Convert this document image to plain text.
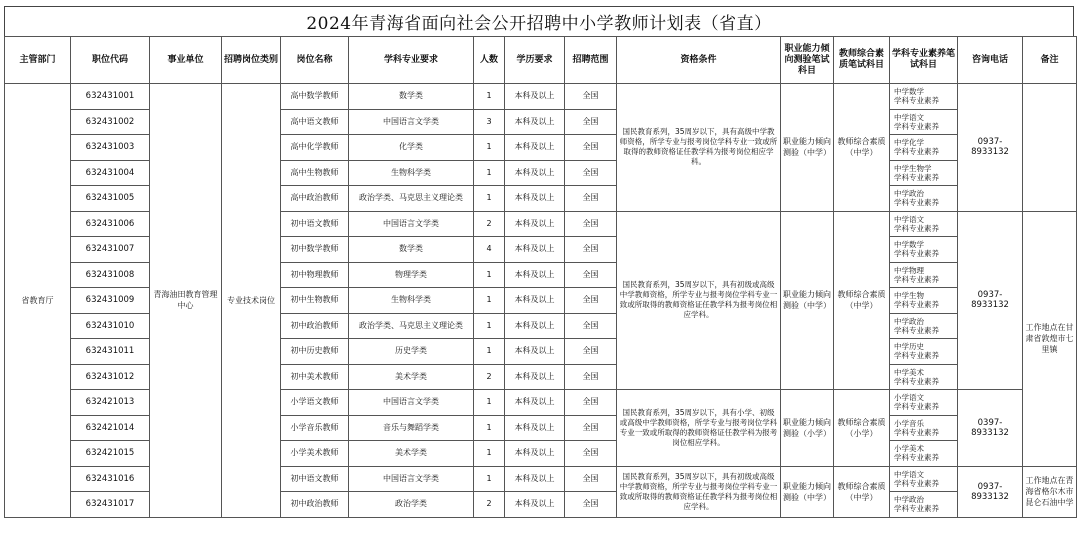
2024年青海省面向社会公开招聘中小学教师计划表（省直）
主管部门	职位代码	事业单位	招聘岗位类别	岗位名称	学科专业要求	人数	学历要求	招聘范围	资格条件	职业能力倾向测验笔试科目	教师综合素质笔试科目	学科专业素养笔试科目	咨询电话	备注
省教育厅	632431001	青海油田教育管理中心	专业技术岗位	高中数学教师	数学类	1	本科及以上	全国	国民教育系列，35周岁以下，具有高级中学教师资格，所学专业与报考岗位学科专业一致或所取得的教师资格证任教学科为报考岗位相应学科。	职业能力倾向测验（中学）	教师综合素质（中学）	中学数学
学科专业素养	0937-8933132	
	632431002			高中语文教师	中国语言文学类	3	本科及以上	全国				中学语文
学科专业素养		

	632431003			高中化学教师	化学类	1	本科及以上	全国				中学化学
学科专业素养		

	632431004			高中生物教师	生物科学类	1	本科及以上	全国				中学生物学
学科专业素养		

	632431005			高中政治教师	政治学类、马克思主义理论类	1	本科及以上	全国				中学政治
学科专业素养		

	632431006			初中语文教师	中国语言文学类	2	本科及以上	全国	国民教育系列，35周岁以下，具有初级或高级中学教师资格，所学专业与报考岗位学科专业一致或所取得的教师资格证任教学科为报考岗位相应学科。	职业能力倾向测验（中学）	教师综合素质（中学）	中学语文
学科专业素养	0937-8933132	工作地点在甘肃省敦煌市七里镇
	632431007			初中数学教师	数学类	4	本科及以上	全国				中学数学
学科专业素养		

	632431008			初中物理教师	物理学类	1	本科及以上	全国				中学物理
学科专业素养		

	632431009			初中生物教师	生物科学类	1	本科及以上	全国				中学生物
学科专业素养		

	632431010			初中政治教师	政治学类、马克思主义理论类	1	本科及以上	全国				中学政治
学科专业素养		

	632431011			初中历史教师	历史学类	1	本科及以上	全国				中学历史
学科专业素养		

	632431012			初中美术教师	美术学类	2	本科及以上	全国				中学美术
学科专业素养		

	632421013			小学语文教师	中国语言文学类	1	本科及以上	全国	国民教育系列，35周岁以下，具有小学、初级或高级中学教师资格，所学专业与报考岗位学科专业一致或所取得的教师资格证任教学科为报考岗位相应学科。	职业能力倾向测验（小学）	教师综合素质（小学）	小学语文
学科专业素养	0397-8933132	
	632421014			小学音乐教师	音乐与舞蹈学类	1	本科及以上	全国				小学音乐
学科专业素养		

	632421015			小学美术教师	美术学类	1	本科及以上	全国				小学美术
学科专业素养		

	632431016			初中语文教师	中国语言文学类	1	本科及以上	全国	国民教育系列，35周岁以下，具有初级或高级中学教师资格，所学专业与报考岗位学科专业一致或所取得的教师资格证任教学科为报考岗位相应学科。	职业能力倾向测验（中学）	教师综合素质（中学）	中学语文
学科专业素养	0937-8933132	工作地点在青海省格尔木市昆仑石油中学
	632431017			初中政治教师	政治学类	2	本科及以上	全国				中学政治
学科专业素养		
